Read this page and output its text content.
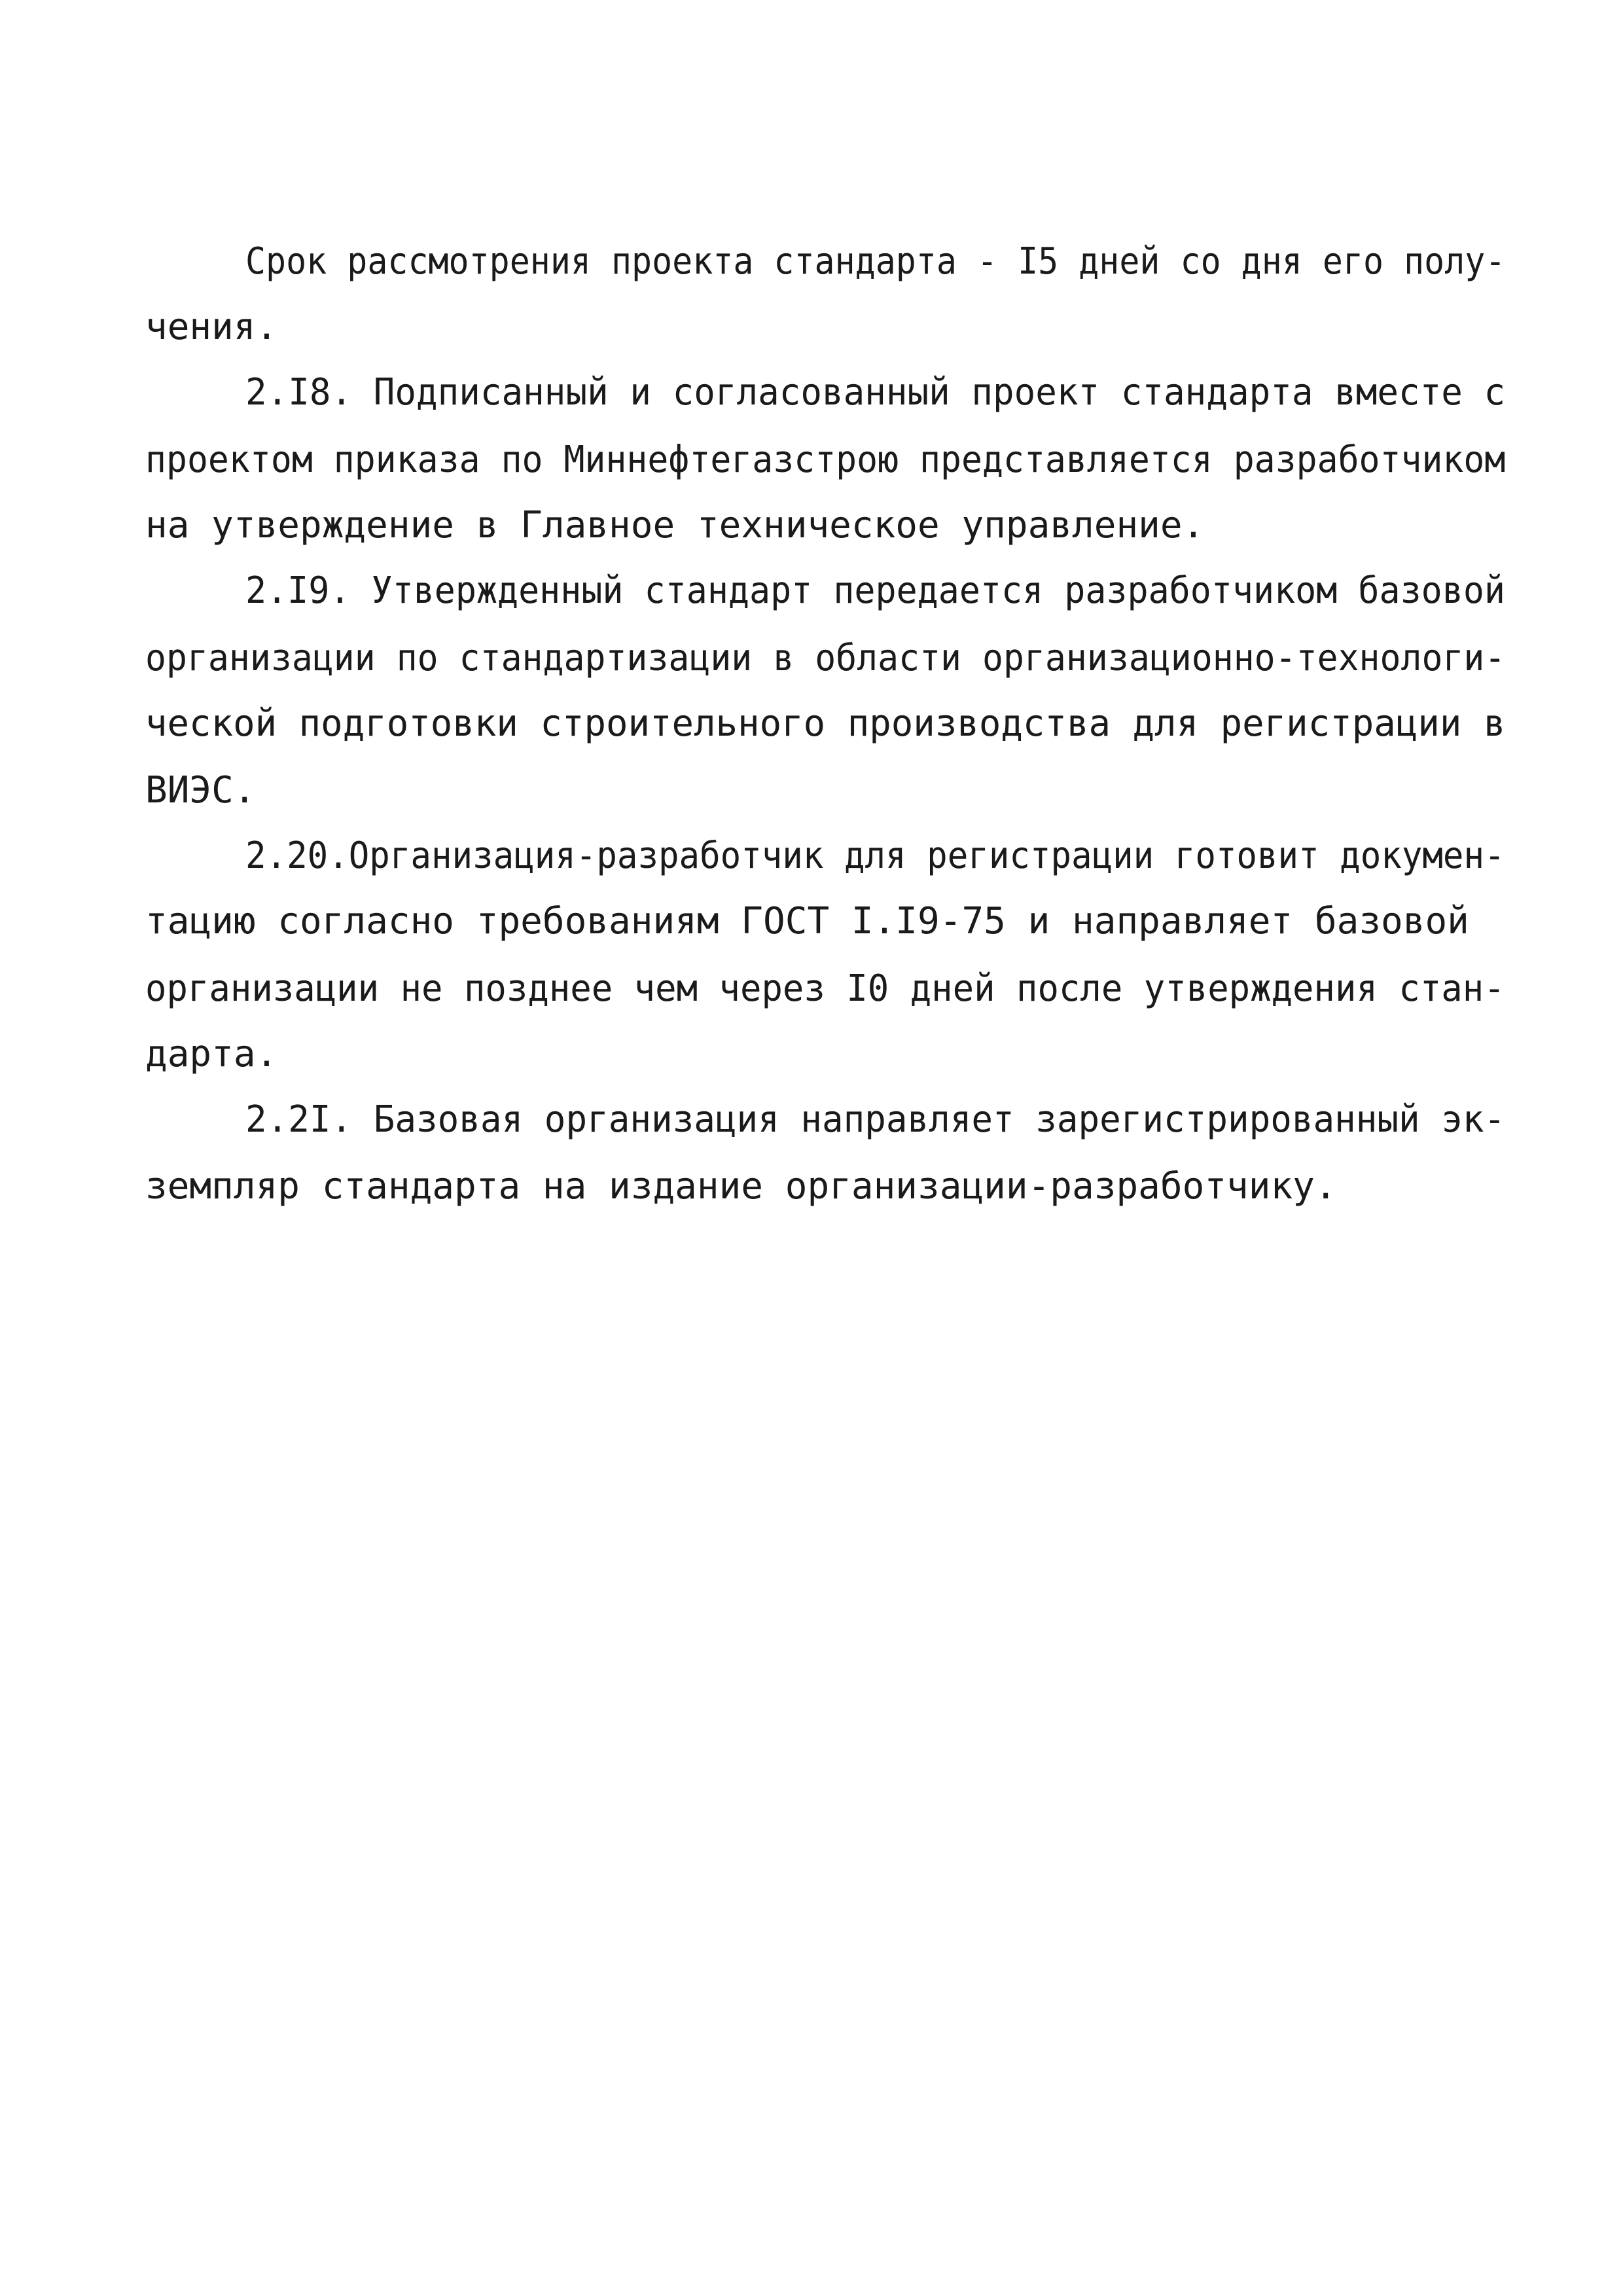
Срок рассмотрения проекта стандарта - I5 дней со дня его полу-

чения.

2.I8. Подписанный и согласованный проект стандарта вместе с

проектом приказа по Миннефтегазстрою представляется разработчиком

на утверждение в Главное техническое управление.

2.I9. Утвержденный стандарт передается разработчиком базовой

организации по стандартизации в области организационно-технологи-

ческой подготовки строительного производства для регистрации в

ВИЭС.

2.20.Организация-разработчик для регистрации готовит докумен-

тацию согласно требованиям ГОСТ I.I9-75 и направляет базовой

организации не позднее чем через I0 дней после утверждения стан-

дарта.

2.2I. Базовая организация направляет зарегистрированный эк-

земпляр стандарта на издание организации-разработчику.
